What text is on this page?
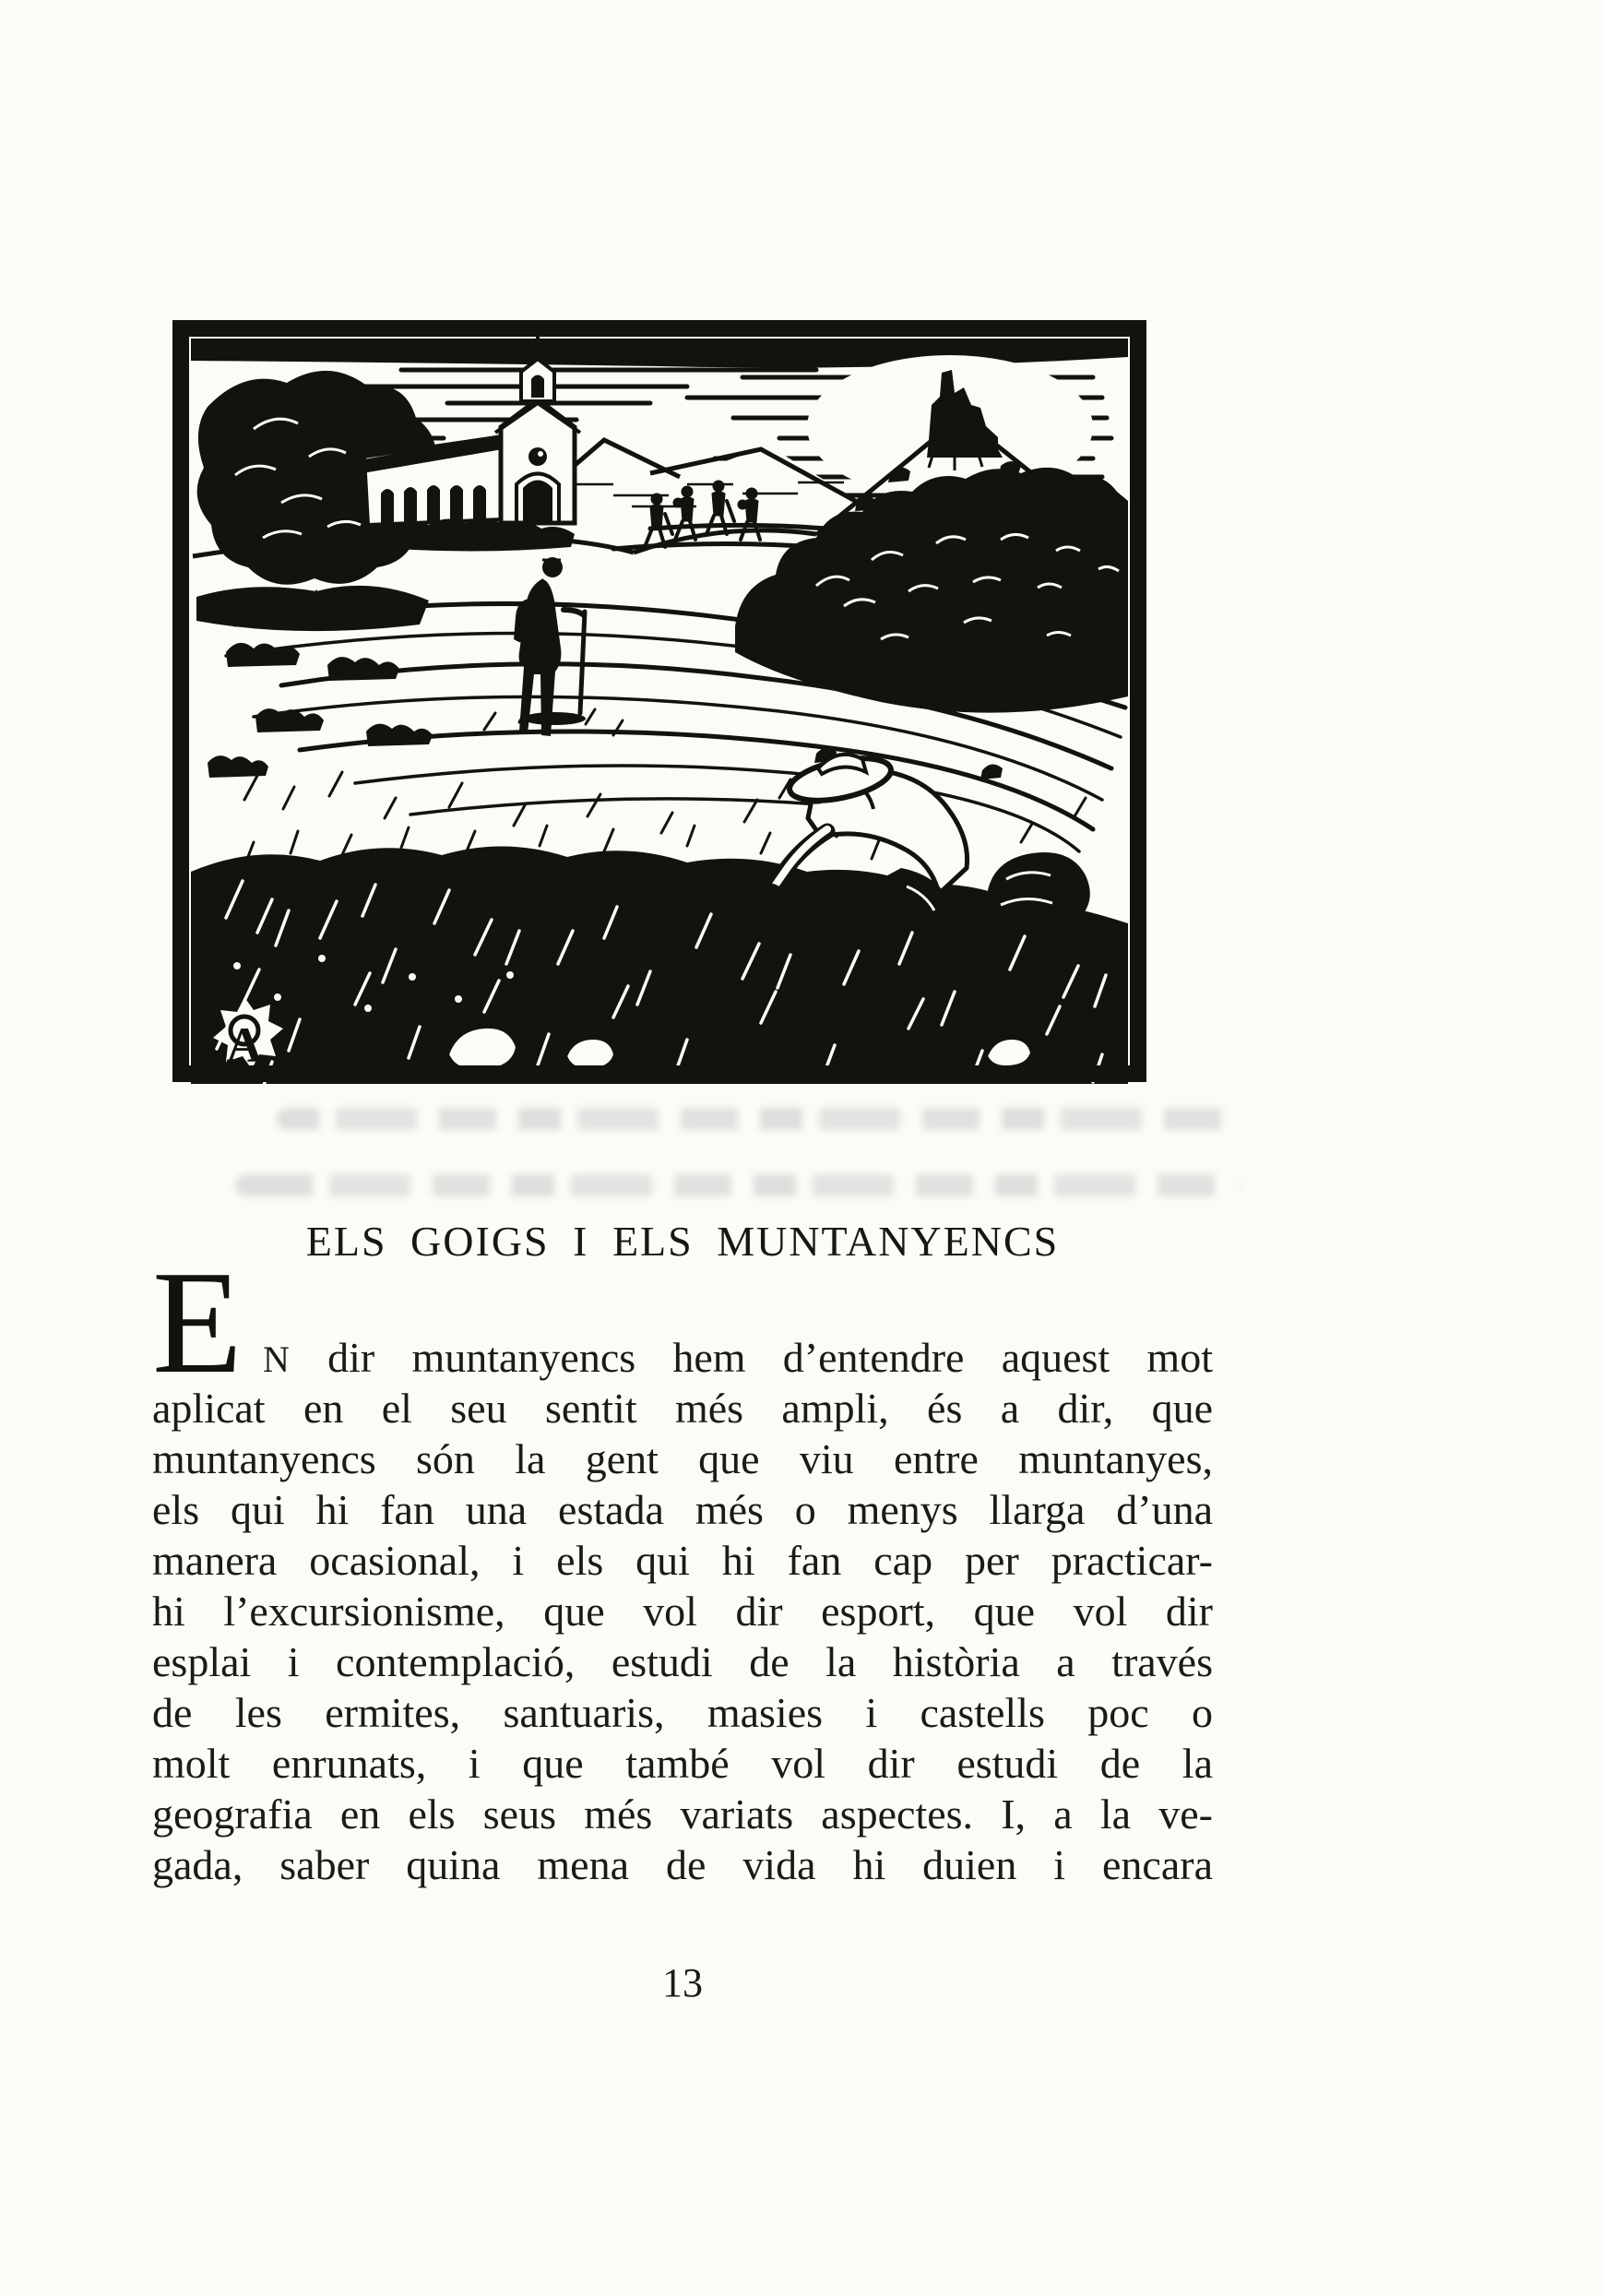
A
ELS GOIGS I ELS MUNTANYENCS
E N dir muntanyencs hem d’entendre aquest mot
aplicat en el seu sentit més ampli, és a dir, que
muntanyencs són la gent que viu entre muntanyes,
els qui hi fan una estada més o menys llarga d’una
manera ocasional, i els qui hi fan cap per practicar-
hi l’excursionisme, que vol dir esport, que vol dir
esplai i contemplació, estudi de la història a través
de les ermites, santuaris, masies i castells poc o
molt enrunats, i que també vol dir estudi de la
geografia en els seus més variats aspectes. I, a la ve-
gada, saber quina mena de vida hi duien i encara
13
